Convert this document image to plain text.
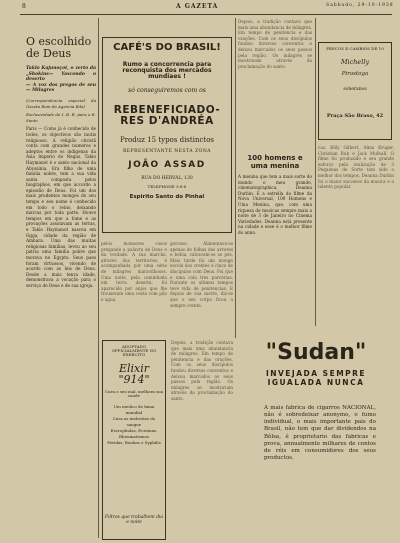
8	A GAZETA	Sabbado, 29-10-1938
O escolhido de Deus
Taklo Kajunoçot, o zerto da „Shokins— Yascondo o deserto
— A voz dos pregos de seu — Milagres
(Correspondencia especial da Gazeta Rom da Agencia Eda)
Exclusividade de I. B. R. para o E. Santo

Paris — Como já é conhecido de todos, os objectivos são inutis religiosos. A religião christã conta com grandes numeros e adeptos entre os indigenas da Ásia Imperio do Negus. Takio Haymanot é o santo nacional da Abyssinia. Era filho de uma familia nobre, tem a sua vida santa composta pelos biographos, em que accordo a episodio de Deus. Foi um dos mais prudentes monges do seu tempo e seu nome é conhecido em todo o reino, deixando marcas por toda parte. Houve tempos em que a fome e as provações assolavam as terras, e Taklo Haymanot nasceu em Ogga, cidade da região de Amhara. Uma das muitas religiosas familias, levou ao seu patria uma familia pobre que morava no Egypto. Seus paes foram virtuosos, vivendo de acordo com as leis de Deus. Desde a mais tenra idade, demonstrava a vocação para o serviço de Deus e de sua igreja.

CAFÉ'S DO BRASIL!
Rumo a concorrencia para reconquista dos mercados mundiaes !
só conseguiremos com os
REBENEFICIADO-
RES D'ANDRÉA
Produz 15 typos distinctos
REPRESENTANTE NESTA ZONA
JOÃO ASSAD
RUA DO HERVAL, 130
TELEPHONE 3-8-8
Espirito Santo do Pinhal

pelos monsores cosos pregando a palavra de Deus e da verdade. A sua marcha, através dos territorios, é acompanhada por uma série de milagres maravilhosos. Uma noite, pela caminhada em terra deserta, foi aparecido por anjos que lhe trouxeram uma cesta com pão e agua.

gorosos. Alimentava-se apenas de folhas das arvores e bebia, calcavam-se os pés. Mais tarde foi um monge escola dos crentes e cinco de discipulos com Deus. Foi que e uma cola tres parcerias. Durante os ultimos tempos teve vida de penitencias. E depois de sua morte, diz-se que o seu corpo ficou o sempre crente.

ADOPTADO OFFICIALMENTE NO EXERCITO
Elixir "914"
Cura o seu mal, melhora sua saude
Um medico de fama mundial
Cura as molestias do sangue
Escrophulas, Eczemas, Rheumatismos
Feridas, Boubas e Syphilis
Filtros que trabalhem dia e noite

Depois, a tradição contava que mais uma abundancia de milagres. Em tempo de penitencia e das orações. Com os seus discipulos fundou diversos conventos e deixou marcados os seus passos pela região. Os milagres se mostravam através da proclamação do santo.

Depois, a tradição contava que mais uma abundancia de milagres. Em tempo de penitencia e das orações. Com os seus discipulos fundou diversos conventos e deixou marcados os seus passos pela região. Os milagres se mostravam através da proclamação do santo.

100 homens e uma menina

A menina que tem a mais sorte do mundo o meu grande, cinematographica, Deanna Durbin. E a estrella do filme da Nova Universal, 100 Homens e Uma Menina, que, com uma riqueza de musicas sempre mais a noite de 3 de Janeiro no Cinema Variedades. Deanna está presente na cidade e esse é o melhor filme do anno.

PRECOS E CAMBIOS DE 10
Michelly
Pirastoga
soberanos
Praça São Braso, 42

cas. Billy Gilbert, Alma Kruger, Christian Rub e Jack Mulhall. O filme foi produzido e seu grande esforço pela realização de 3 Pequenas de Sorte tem sido o melhor dos tempos. Deanna Durbin foi o maior successo da musica e o talento popular.

"Sudan"
INVEJADA SEMPRE
IGUALADA NUNCA
A mais fabrica de cigarros NACIONAL, não é sobredeixar anonymo, o fumo individual, o mais importante pais do Brasil, não tem que dar dividendos na Bôlsa, é proprietario das fabricas e prova, annualmente milhares de contos de réis em consumidores dos seus productos.
